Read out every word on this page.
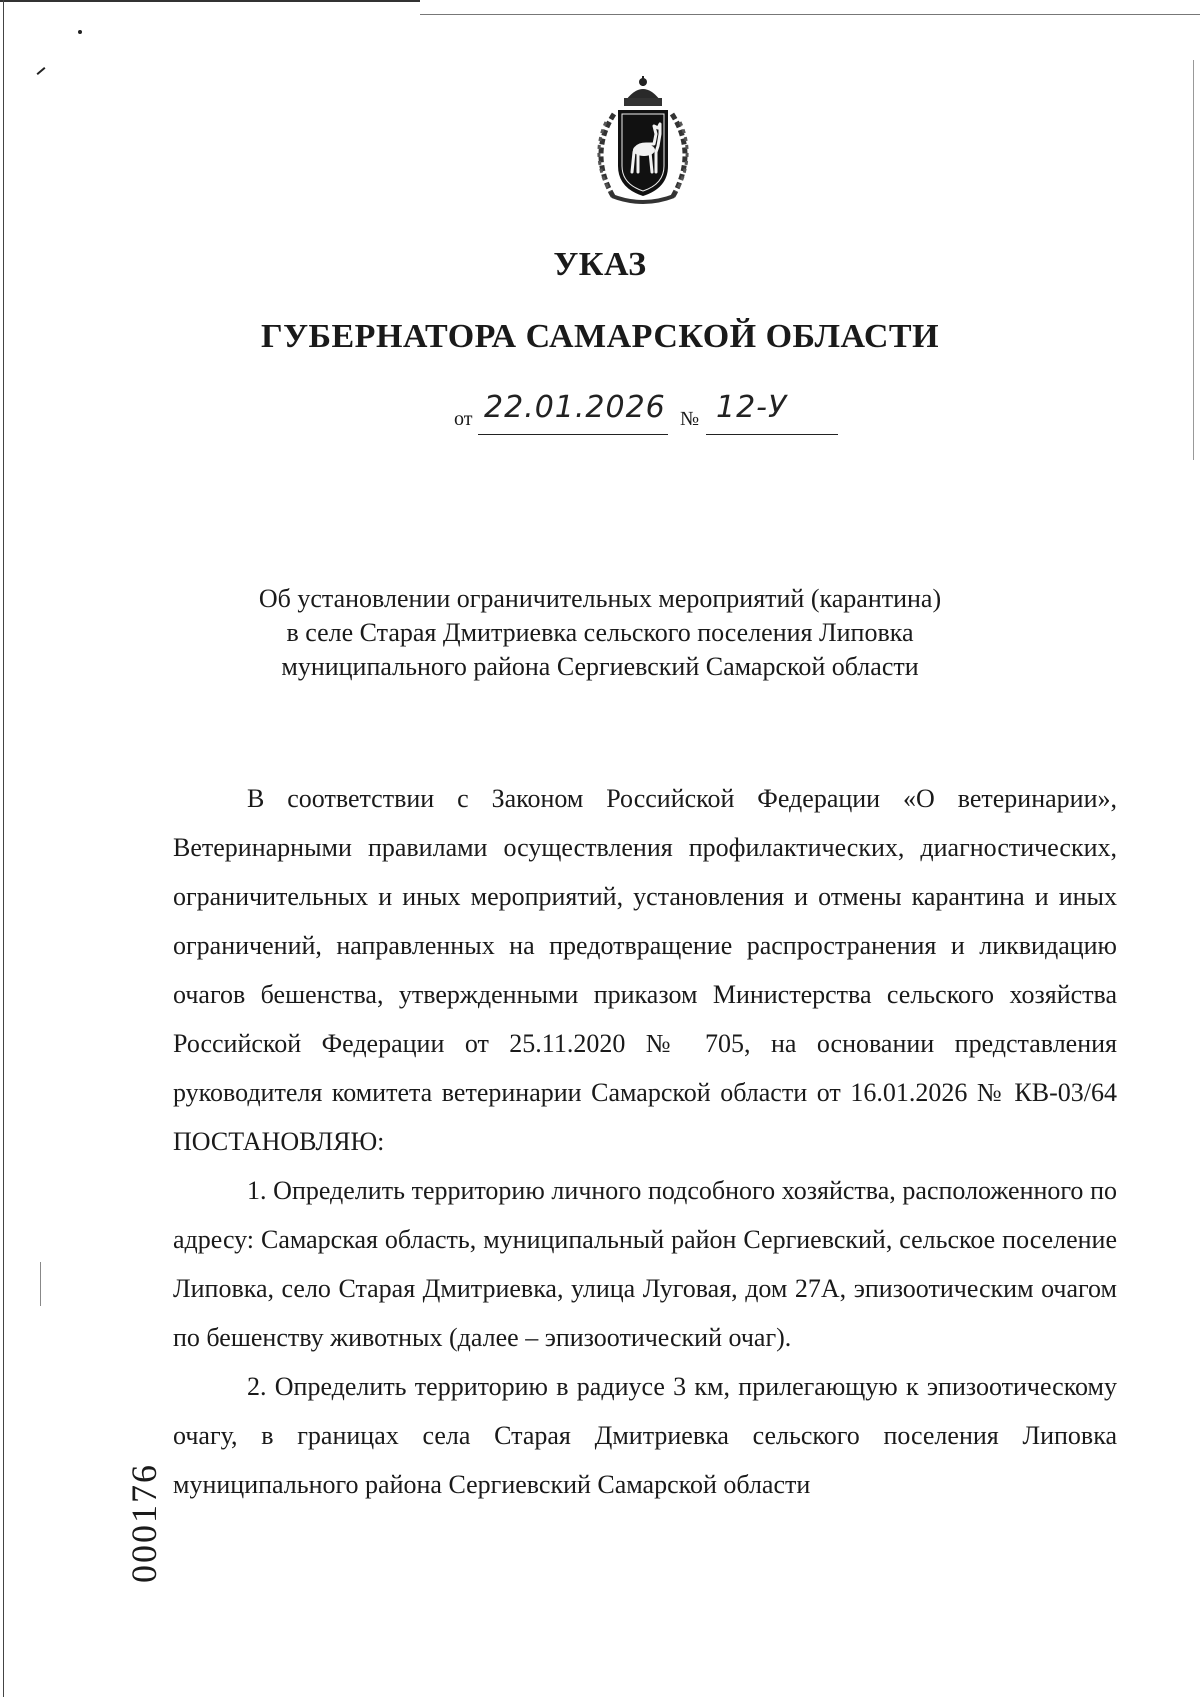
УКАЗ
ГУБЕРНАТОРА САМАРСКОЙ ОБЛАСТИ
от 22.01.2026 № 12-У
Об установлении ограничительных мероприятий (карантина)
в селе Старая Дмитриевка сельского поселения Липовка
муниципального района Сергиевский Самарской области

В соответствии с Законом Российской Федерации «О ветеринарии», Ветеринарными правилами осуществления профилактических, диагностических, ограничительных и иных мероприятий, установления и отмены карантина и иных ограничений, направленных на предотвращение распространения и ликвидацию очагов бешенства, утвержденными приказом Министерства сельского хозяйства Российской Федерации от 25.11.2020 № 705, на основании представления руководителя комитета ветеринарии Самарской области от 16.01.2026 № КВ-03/64 ПОСТАНОВЛЯЮ:

1. Определить территорию личного подсобного хозяйства, расположенного по адресу: Самарская область, муниципальный район Сергиевский, сельское поселение Липовка, село Старая Дмитриевка, улица Луговая, дом 27А, эпизоотическим очагом по бешенству животных (далее – эпизоотический очаг).

2. Определить территорию в радиусе 3 км, прилегающую к эпизоотическому очагу, в границах села Старая Дмитриевка сельского поселения Липовка муниципального района Сергиевский Самарской области

000176
